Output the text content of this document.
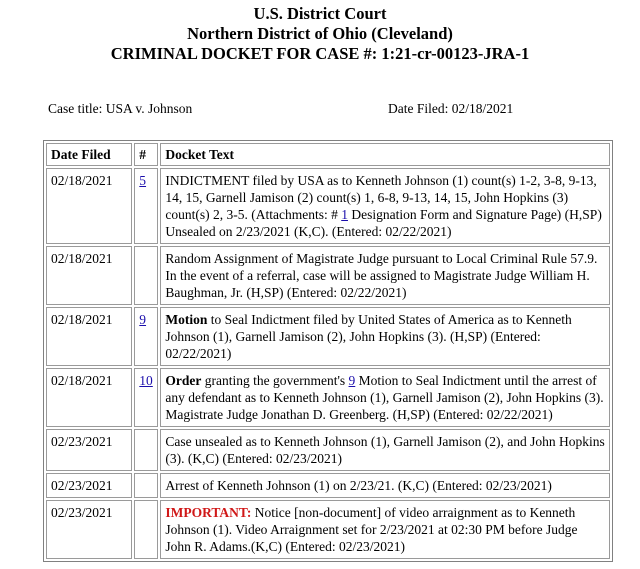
U.S. District Court
Northern District of Ohio (Cleveland)
CRIMINAL DOCKET FOR CASE #: 1:21-cr-00123-JRA-1
Case title: USA v. Johnson	Date Filed: 02/18/2021
Date Filed	#	Docket Text
02/18/2021	5	INDICTMENT filed by USA as to Kenneth Johnson (1) count(s) 1-2, 3-8, 9-13, 14, 15, Garnell Jamison (2) count(s) 1, 6-8, 9-13, 14, 15, John Hopkins (3) count(s) 2, 3-5. (Attachments: # 1 Designation Form and Signature Page) (H,SP) Unsealed on 2/23/2021 (K,C). (Entered: 02/22/2021)
02/18/2021		Random Assignment of Magistrate Judge pursuant to Local Criminal Rule 57.9. In the event of a referral, case will be assigned to Magistrate Judge William H. Baughman, Jr. (H,SP) (Entered: 02/22/2021)
02/18/2021	9	Motion to Seal Indictment filed by United States of America as to Kenneth Johnson (1), Garnell Jamison (2), John Hopkins (3). (H,SP) (Entered: 02/22/2021)
02/18/2021	10	Order granting the government's 9 Motion to Seal Indictment until the arrest of any defendant as to Kenneth Johnson (1), Garnell Jamison (2), John Hopkins (3). Magistrate Judge Jonathan D. Greenberg. (H,SP) (Entered: 02/22/2021)
02/23/2021		Case unsealed as to Kenneth Johnson (1), Garnell Jamison (2), and John Hopkins (3). (K,C) (Entered: 02/23/2021)
02/23/2021		Arrest of Kenneth Johnson (1) on 2/23/21. (K,C) (Entered: 02/23/2021)
02/23/2021		IMPORTANT: Notice [non-document] of video arraignment as to Kenneth Johnson (1). Video Arraignment set for 2/23/2021 at 02:30 PM before Judge John R. Adams.(K,C) (Entered: 02/23/2021)
